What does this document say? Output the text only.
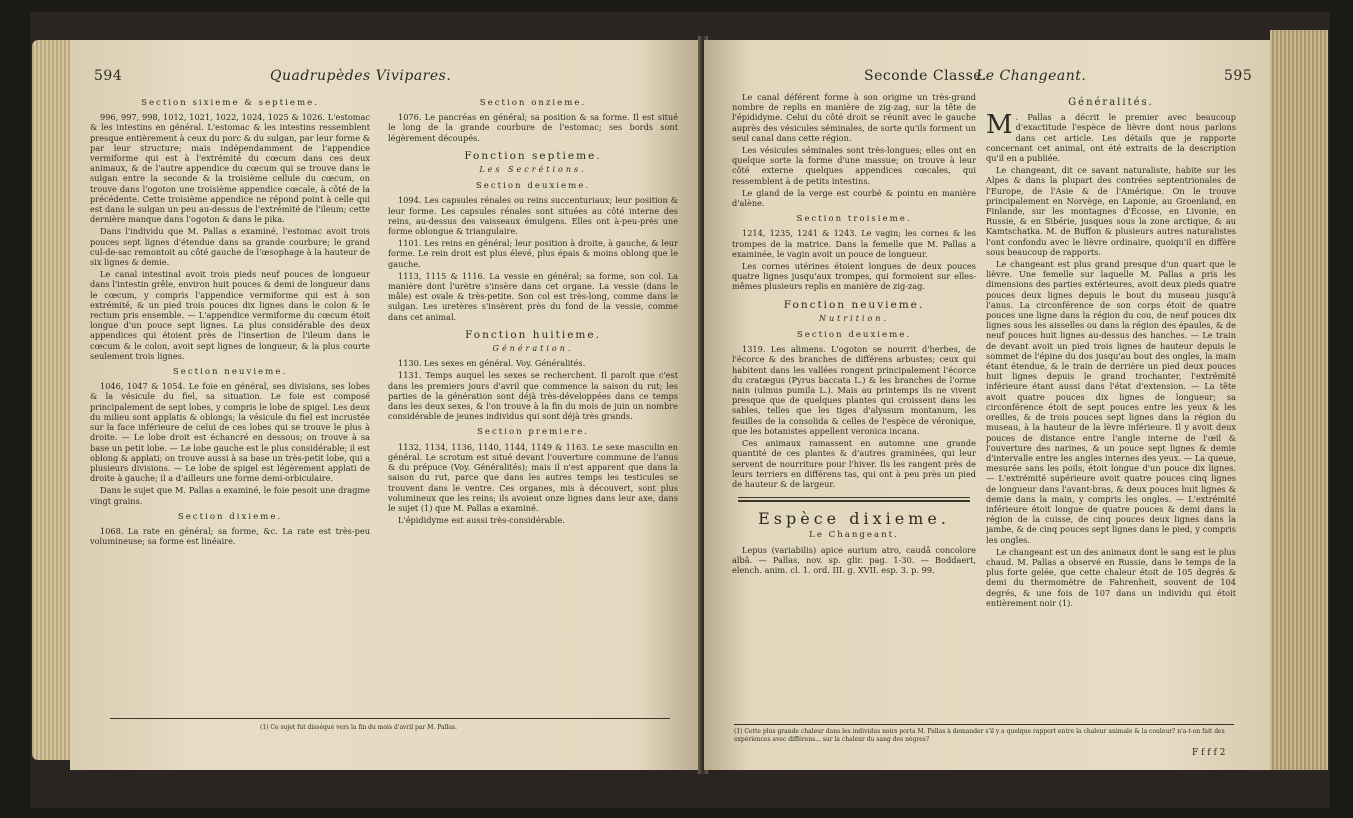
594	Quadrupèdes Vivipares.
Section sixieme & septieme.

996, 997, 998, 1012, 1021, 1022, 1024, 1025 & 1026. L'estomac & les intestins en général. L'estomac & les intestins ressemblent presque entièrement à ceux du porc & du sulgan, par leur forme & par leur structure; mais indépendamment de l'appendice vermiforme qui est à l'extrémité du cœcum dans ces deux animaux, & de l'autre appendice du cœcum qui se trouve dans le sulgan entre la seconde & la troisième cellule du cœcum, on trouve dans l'ogoton une troisième appendice cœcale, à côté de la précédente. Cette troisième appendice ne répond point à celle qui est dans le sulgan un peu au-dessus de l'extrémité de l'ileum; cette dernière manque dans l'ogoton & dans le pika.

Dans l'individu que M. Pallas a examiné, l'estomac avoit trois pouces sept lignes d'étendue dans sa grande courbure; le grand cul-de-sac remontoit au côté gauche de l'œsophage à la hauteur de six lignes & demie.

Le canal intestinal avoit trois pieds neuf pouces de longueur dans l'intestin grêle, environ huit pouces & demi de longueur dans le cœcum, y compris l'appendice vermiforme qui est à son extrémité, & un pied trois pouces dix lignes dans le colon & le rectum pris ensemble. — L'appendice vermiforme du cœcum étoit longue d'un pouce sept lignes. La plus considérable des deux appendices qui étoient près de l'insertion de l'ileum dans le cœcum & le colon, avoit sept lignes de longueur, & la plus courte seulement trois lignes.

Section neuvieme.

1046, 1047 & 1054. Le foie en général, ses divisions, ses lobes & la vésicule du fiel, sa situation. Le foie est composé principalement de sept lobes, y compris le lobe de spigel. Les deux du milieu sont applatis & oblongs; la vésicule du fiel est incrustée sur la face inférieure de celui de ces lobes qui se trouve le plus à droite. — Le lobe droit est échancré en dessous; on trouve à sa base un petit lobe. — Le lobe gauche est le plus considérable; il est oblong & applati; on trouve aussi à sa base un très-petit lobe, qui a plusieurs divisions. — Le lobe de spigel est légèrement applati de droite à gauche; il a d'ailleurs une forme demi-orbiculaire.

Dans le sujet que M. Pallas a examiné, le foie pesoit une dragme vingt grains.

Section dixieme.

1068. La rate en général; sa forme, &c. La rate est très-peu volumineuse; sa forme est linéaire.

Section onzieme.

1076. Le pancréas en général; sa position & sa forme. Il est situé le long de la grande courbure de l'estomac; ses bords sont légèrement découpés.

Fonction septieme.
Les Secrétions.
Section deuxieme.

1094. Les capsules rénales ou reins succenturiaux; leur position & leur forme. Les capsules rénales sont situées au côté interne des reins, au-dessus des vaisseaux émulgens. Elles ont à-peu-près une forme oblongue & triangulaire.

1101. Les reins en général; leur position à droite, à gauche, & leur forme. Le rein droit est plus élevé, plus épais & moins oblong que le gauche.

1113, 1115 & 1116. La vessie en général; sa forme, son col. La manière dont l'urètre s'insère dans cet organe. La vessie (dans le mâle) est ovale & très-petite. Son col est très-long, comme dans le sulgan. Les uretères s'insèrent près du fond de la vessie, comme dans cet animal.

Fonction huitieme.
Génération.

1130. Les sexes en général. Voy. Généralités.

1131. Temps auquel les sexes se recherchent. Il paroît que c'est dans les premiers jours d'avril que commence la saison du rut; les parties de la génération sont déjà très-développées dans ce temps dans les deux sexes, & l'on trouve à la fin du mois de juin un nombre considérable de jeunes individus qui sont déjà très grands.

Section premiere.

1132, 1134, 1136, 1140, 1144, 1149 & 1163. Le sexe masculin en général. Le scrotum est situé devant l'ouverture commune de l'anus & du prépuce (Voy. Généralités); mais il n'est apparent que dans la saison du rut, parce que dans les autres temps les testicules se trouvent dans le ventre. Ces organes, mis à découvert, sont plus volumineux que les reins; ils avoient onze lignes dans leur axe, dans le sujet (1) que M. Pallas a examiné.

L'épididyme est aussi très-considérable.

(1) Ce sujet fut disséqué vers la fin du mois d'avril par M. Pallas.
Seconde Classe.
Le Changeant.	595

Le canal déférent forme à son origine un très-grand nombre de replis en manière de zig-zag, sur la tête de l'épididyme. Celui du côté droit se réunit avec le gauche auprès des vésicules séminales, de sorte qu'ils forment un seul canal dans cette région.

Les vésicules séminales sont très-longues; elles ont en quelque sorte la forme d'une massue; on trouve à leur côté externe quelques appendices cœcales, qui ressemblent à de petits intestins.

Le gland de la verge est courbé & pointu en manière d'alène.

Section troisieme.

1214, 1235, 1241 & 1243. Le vagin; les cornes & les trompes de la matrice. Dans la femelle que M. Pallas a examinée, le vagin avoit un pouce de longueur.

Les cornes utérines étoient longues de deux pouces quatre lignes jusqu'aux trompes, qui formoient sur elles-mêmes plusieurs replis en manière de zig-zag.

Fonction neuvieme.
Nutrition.
Section deuxieme.

1319. Les alimens. L'ogoton se nourrit d'herbes, de l'écorce & des branches de différens arbustes; ceux qui habitent dans les vallées rongent principalement l'écorce du cratægus (Pyrus baccata L.) & les branches de l'orme nain (ulmus pumila L.). Mais au printemps ils ne vivent presque que de quelques plantes qui croissent dans les sables, telles que les tiges d'alyssum montanum, les feuilles de la consolida & celles de l'espèce de véronique, que les botanistes appellent veronica incana.

Ces animaux ramassent en automne une grande quantité de ces plantes & d'autres graminées, qui leur servent de nourriture pour l'hiver. Ils les rangent près de leurs terriers en différens tas, qui ont à peu près un pied de hauteur & de largeur.

Espèce dixieme.
Le Changeant.

Lepus (variabilis) apice aurium atro, caudâ concolore albâ. — Pallas, nov. sp. glir. pag. 1-30. — Boddaert, elench. anim. cl. 1. ord. III. g. XVII. esp. 3. p. 99.

Généralités.

M . Pallas a décrit le premier avec beaucoup d'exactitude l'espèce de lièvre dont nous parlons dans cet article. Les détails que je rapporte concernant cet animal, ont été extraits de la description qu'il en a publiée.

Le changeant, dit ce savant naturaliste, habite sur les Alpes & dans la plupart des contrées septentrionales de l'Europe, de l'Asie & de l'Amérique. On le trouve principalement en Norvège, en Laponie, au Groenland, en Finlande, sur les montagnes d'Écosse, en Livonie, en Russie, & en Sibérie, jusques sous la zone arctique, & au Kamtschatka. M. de Buffon & plusieurs autres naturalistes l'ont confondu avec le lièvre ordinaire, quoiqu'il en diffère sous beaucoup de rapports.

Le changeant est plus grand presque d'un quart que le lièvre. Une femelle sur laquelle M. Pallas a pris les dimensions des parties extérieures, avoit deux pieds quatre pouces deux lignes depuis le bout du museau jusqu'à l'anus. La circonférence de son corps étoit de quatre pouces une ligne dans la région du cou, de neuf pouces dix lignes sous les aisselles ou dans la région des épaules, & de neuf pouces huit lignes au-dessus des hanches. — Le train de devant avoit un pied trois lignes de hauteur depuis le sommet de l'épine du dos jusqu'au bout des ongles, la main étant étendue, & le train de derrière un pied deux pouces huit lignes depuis le grand trochanter, l'extrémité inférieure étant aussi dans l'état d'extension. — La tête avoit quatre pouces dix lignes de longueur; sa circonférence étoit de sept pouces entre les yeux & les oreilles, & de trois pouces sept lignes dans la région du museau, à la hauteur de la lèvre inférieure. Il y avoit deux pouces de distance entre l'angle interne de l'œil & l'ouverture des narines, & un pouce sept lignes & demie d'intervalle entre les angles internes des yeux. — La queue, mesurée sans les poils, étoit longue d'un pouce dix lignes. — L'extrémité supérieure avoit quatre pouces cinq lignes de longueur dans l'avant-bras, & deux pouces huit lignes & demie dans la main, y compris les ongles. — L'extrémité inférieure étoit longue de quatre pouces & demi dans la région de la cuisse, de cinq pouces deux lignes dans la jambe, & de cinq pouces sept lignes dans le pied, y compris les ongles.

Le changeant est un des animaux dont le sang est le plus chaud. M. Pallas a observé en Russie, dans le temps de la plus forte gelée, que cette chaleur étoit de 105 degrés & demi du thermomètre de Fahrenheit, souvent de 104 degrés, & une fois de 107 dans un individu qui étoit entièrement noir (1).

(1) Cette plus grande chaleur dans les individus noirs porta M. Pallas à demander s'il y a quelque rapport entre la chaleur animale & la couleur? n'a-t-on fait des expériences avec différens... sur la chaleur du sang des nègres?
F f f f 2
